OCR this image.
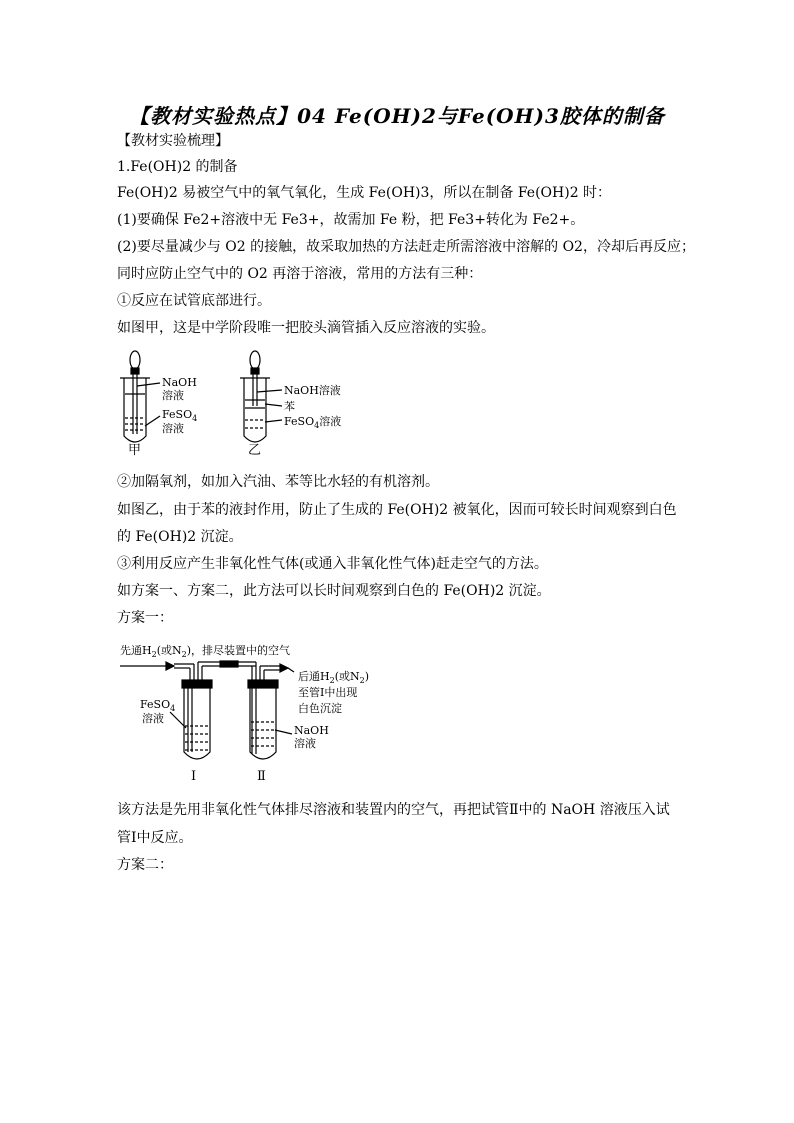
【教材实验热点】04 Fe(OH)2与Fe(OH)3胶体的制备
【教材实验梳理】
1.Fe(OH)2 的制备
Fe(OH)2 易被空气中的氧气氧化，生成 Fe(OH)3，所以在制备 Fe(OH)2 时：
(1)要确保 Fe2+溶液中无 Fe3+，故需加 Fe 粉，把 Fe3+转化为 Fe2+。
(2)要尽量减少与 O2 的接触，故采取加热的方法赶走所需溶液中溶解的 O2，冷却后再反应；
同时应防止空气中的 O2 再溶于溶液，常用的方法有三种：
①反应在试管底部进行。
如图甲，这是中学阶段唯一把胶头滴管插入反应溶液的实验。
NaOH
溶液
FeSO$_4$
溶液
NaOH溶液
苯
FeSO$_4$溶液
甲	乙
②加隔氧剂，如加入汽油、苯等比水轻的有机溶剂。
如图乙，由于苯的液封作用，防止了生成的 Fe(OH)2 被氧化，因而可较长时间观察到白色
的 Fe(OH)2 沉淀。
③利用反应产生非氧化性气体(或通入非氧化性气体)赶走空气的方法。
如方案一、方案二，此方法可以长时间观察到白色的 Fe(OH)2 沉淀。
方案一：
先通$H_2$(或$N_2$)，排尽装置中的空气
后通$H_2$(或$N_2$)
至管Ⅰ中出现
白色沉淀
FeSO$_4$
溶液
NaOH
溶液
Ⅰ	Ⅱ
该方法是先用非氧化性气体排尽溶液和装置内的空气，再把试管Ⅱ中的 NaOH 溶液压入试
管Ⅰ中反应。
方案二：
